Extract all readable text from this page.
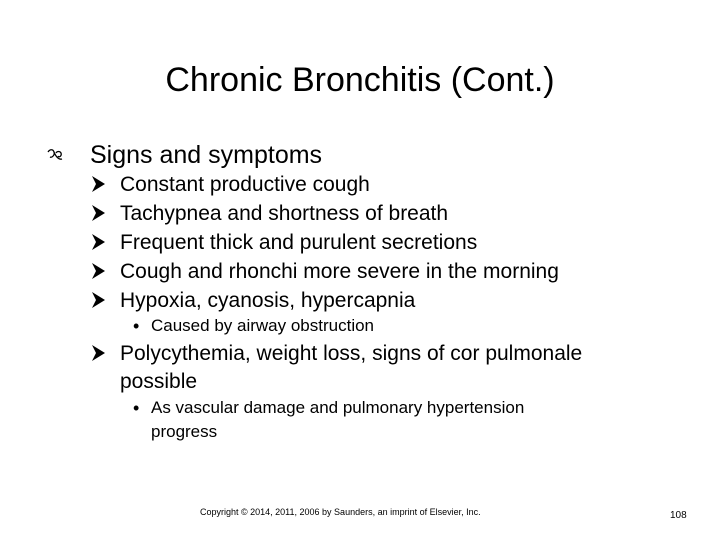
Chronic Bronchitis (Cont.)
Signs and symptoms
Constant productive cough
Tachypnea and shortness of breath
Frequent thick and purulent secretions
Cough and rhonchi more severe in the morning
Hypoxia, cyanosis, hypercapnia
• Caused by airway obstruction
Polycythemia, weight loss, signs of cor pulmonale
possible
• As vascular damage and pulmonary hypertension
progress
Copyright © 2014, 2011, 2006 by Saunders, an imprint of Elsevier, Inc.	108
